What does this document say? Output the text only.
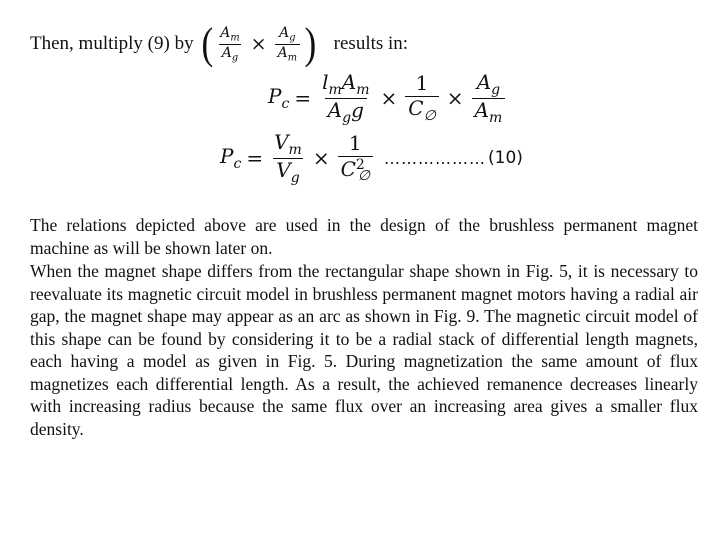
Then, multiply (9) by ( $\frac{A_m}{A_g} \times \frac{A_g}{A_m}$ ) results in:
$P_c = \frac{l_mA_m}{A_gg} \times \frac{1}{C_\emptyset} \times \frac{A_g}{A_m}$
$P_c = \frac{V_m}{V_g} \times \frac{1}{C^2_\emptyset}$ ……………… (10)

The relations depicted above are used in the design of the brushless permanent magnet machine as will be shown later on.

When the magnet shape differs from the rectangular shape shown in Fig. 5, it is necessary to reevaluate its magnetic circuit model in brushless permanent magnet motors having a radial air gap, the magnet shape may appear as an arc as shown in Fig. 9. The magnetic circuit model of this shape can be found by considering it to be a radial stack of differential length magnets, each having a model as given in Fig. 5. During magnetization the same amount of flux magnetizes each differential length. As a result, the achieved remanence decreases linearly with increasing radius because the same flux over an increasing area gives a smaller flux density.
